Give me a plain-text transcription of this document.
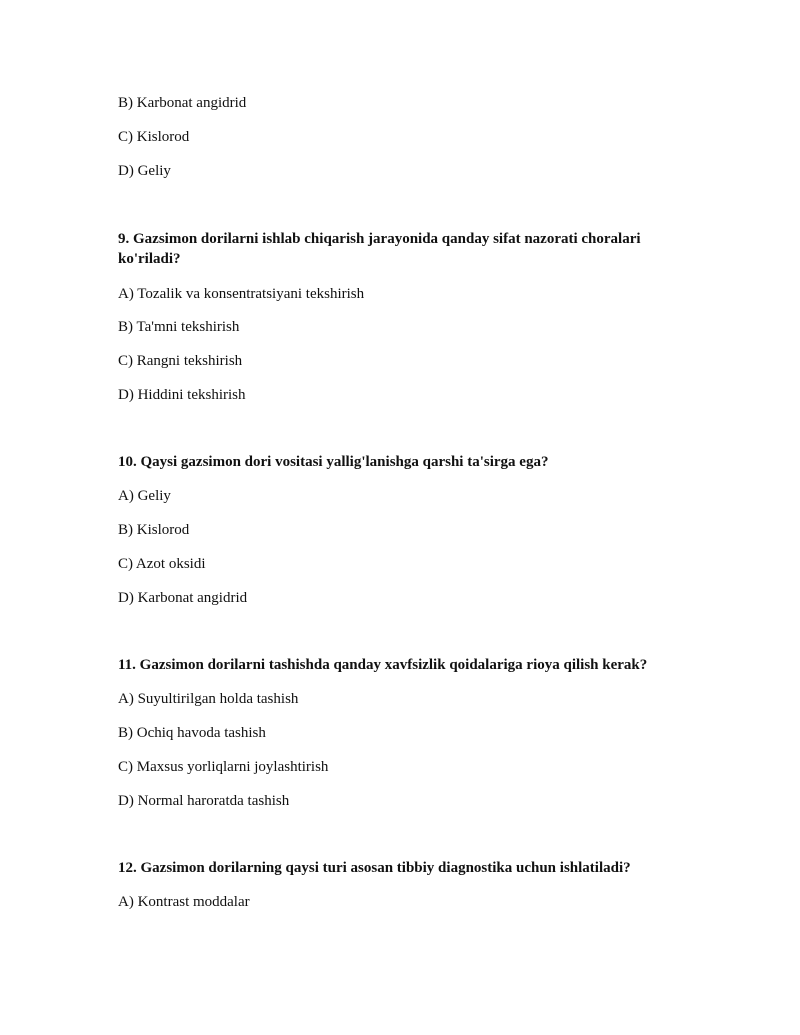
B) Karbonat angidrid
C) Kislorod
D) Geliy
9. Gazsimon dorilarni ishlab chiqarish jarayonida qanday sifat nazorati choralari ko'riladi?
A) Tozalik va konsentratsiyani tekshirish
B) Ta'mni tekshirish
C) Rangni tekshirish
D) Hiddini tekshirish
10. Qaysi gazsimon dori vositasi yallig'lanishga qarshi ta'sirga ega?
A) Geliy
B) Kislorod
C) Azot oksidi
D) Karbonat angidrid
11. Gazsimon dorilarni tashishda qanday xavfsizlik qoidalariga rioya qilish kerak?
A) Suyultirilgan holda tashish
B) Ochiq havoda tashish
C) Maxsus yorliqlarni joylashtirish
D) Normal haroratda tashish
12. Gazsimon dorilarning qaysi turi asosan tibbiy diagnostika uchun ishlatiladi?
A) Kontrast moddalar
